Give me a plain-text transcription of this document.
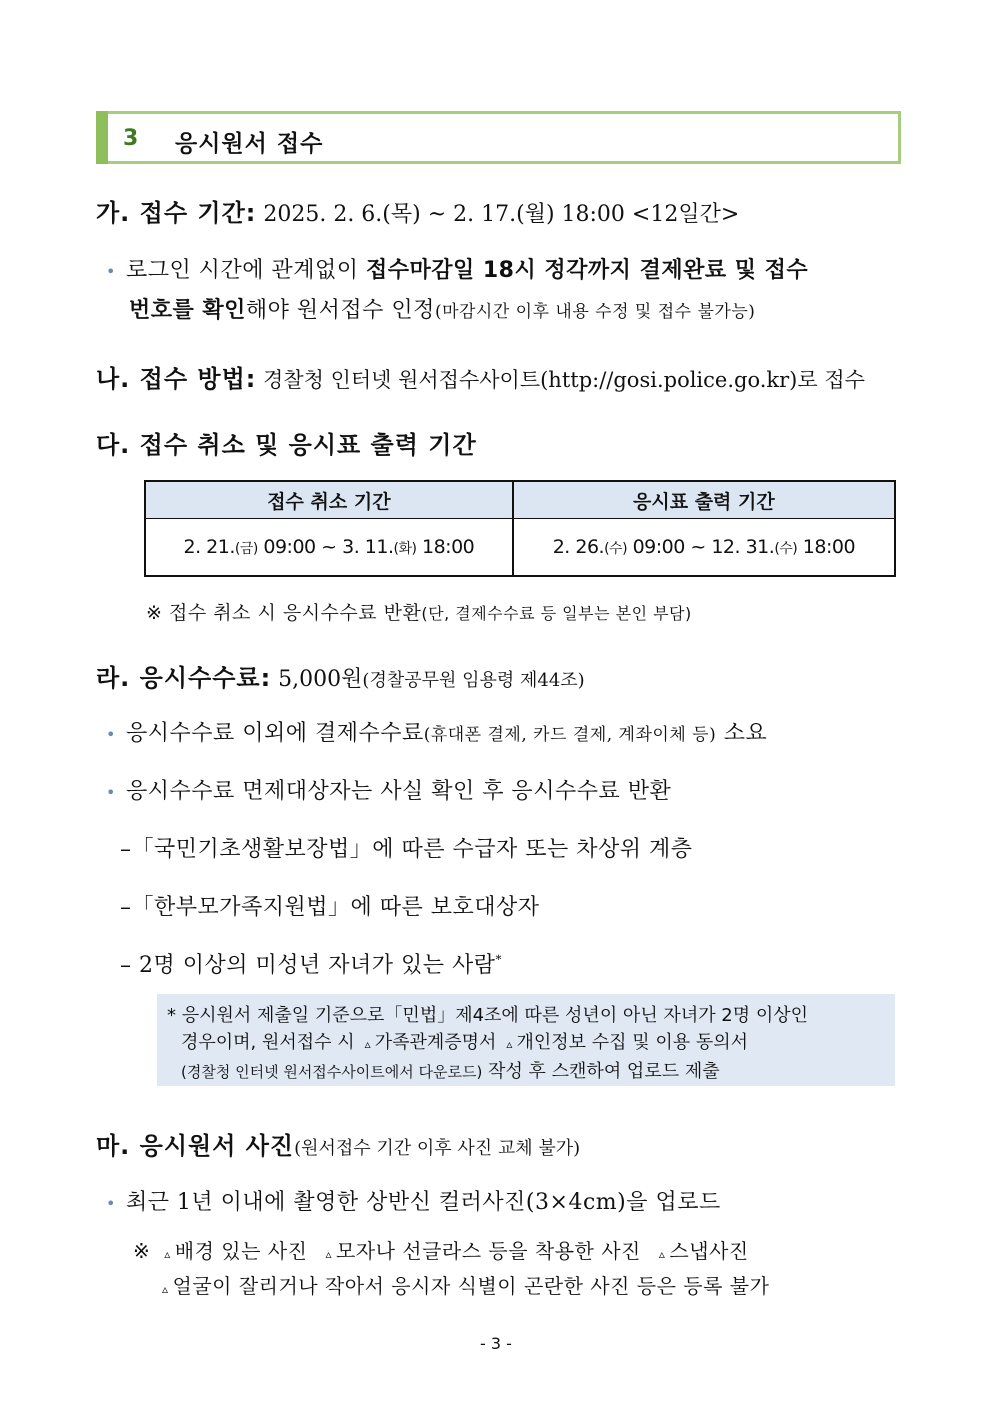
3 응시원서 접수
가. 접수 기간: 2025. 2. 6.(목) ~ 2. 17.(월) 18:00 <12일간>
• 로그인 시간에 관계없이 접수마감일 18시 정각까지 결제완료 및 접수
번호를 확인해야 원서접수 인정(마감시간 이후 내용 수정 및 접수 불가능)
나. 접수 방법: 경찰청 인터넷 원서접수사이트(http://gosi.police.go.kr)로 접수
다. 접수 취소 및 응시표 출력 기간
접수 취소 기간	응시표 출력 기간
2. 21.(금) 09:00 ~ 3. 11.(화) 18:00	2. 26.(수) 09:00 ~ 12. 31.(수) 18:00
※ 접수 취소 시 응시수수료 반환(단, 결제수수료 등 일부는 본인 부담)
라. 응시수수료: 5,000원(경찰공무원 임용령 제44조)
• 응시수수료 이외에 결제수수료(휴대폰 결제, 카드 결제, 계좌이체 등) 소요
• 응시수수료 면제대상자는 사실 확인 후 응시수수료 반환
–「국민기초생활보장법」에 따른 수급자 또는 차상위 계층
–「한부모가족지원법」에 따른 보호대상자
– 2명 이상의 미성년 자녀가 있는 사람*
* 응시원서 제출일 기준으로「민법」제4조에 따른 성년이 아닌 자녀가 2명 이상인
경우이며, 원서접수 시 ▵ 가족관계증명서 ▵ 개인정보 수집 및 이용 동의서
(경찰청 인터넷 원서접수사이트에서 다운로드) 작성 후 스캔하여 업로드 제출
마. 응시원서 사진(원서접수 기간 이후 사진 교체 불가)
• 최근 1년 이내에 촬영한 상반신 컬러사진(3×4cm)을 업로드
※ ▵ 배경 있는 사진 ▵ 모자나 선글라스 등을 착용한 사진 ▵ 스냅사진
▵ 얼굴이 잘리거나 작아서 응시자 식별이 곤란한 사진 등은 등록 불가
- 3 -
